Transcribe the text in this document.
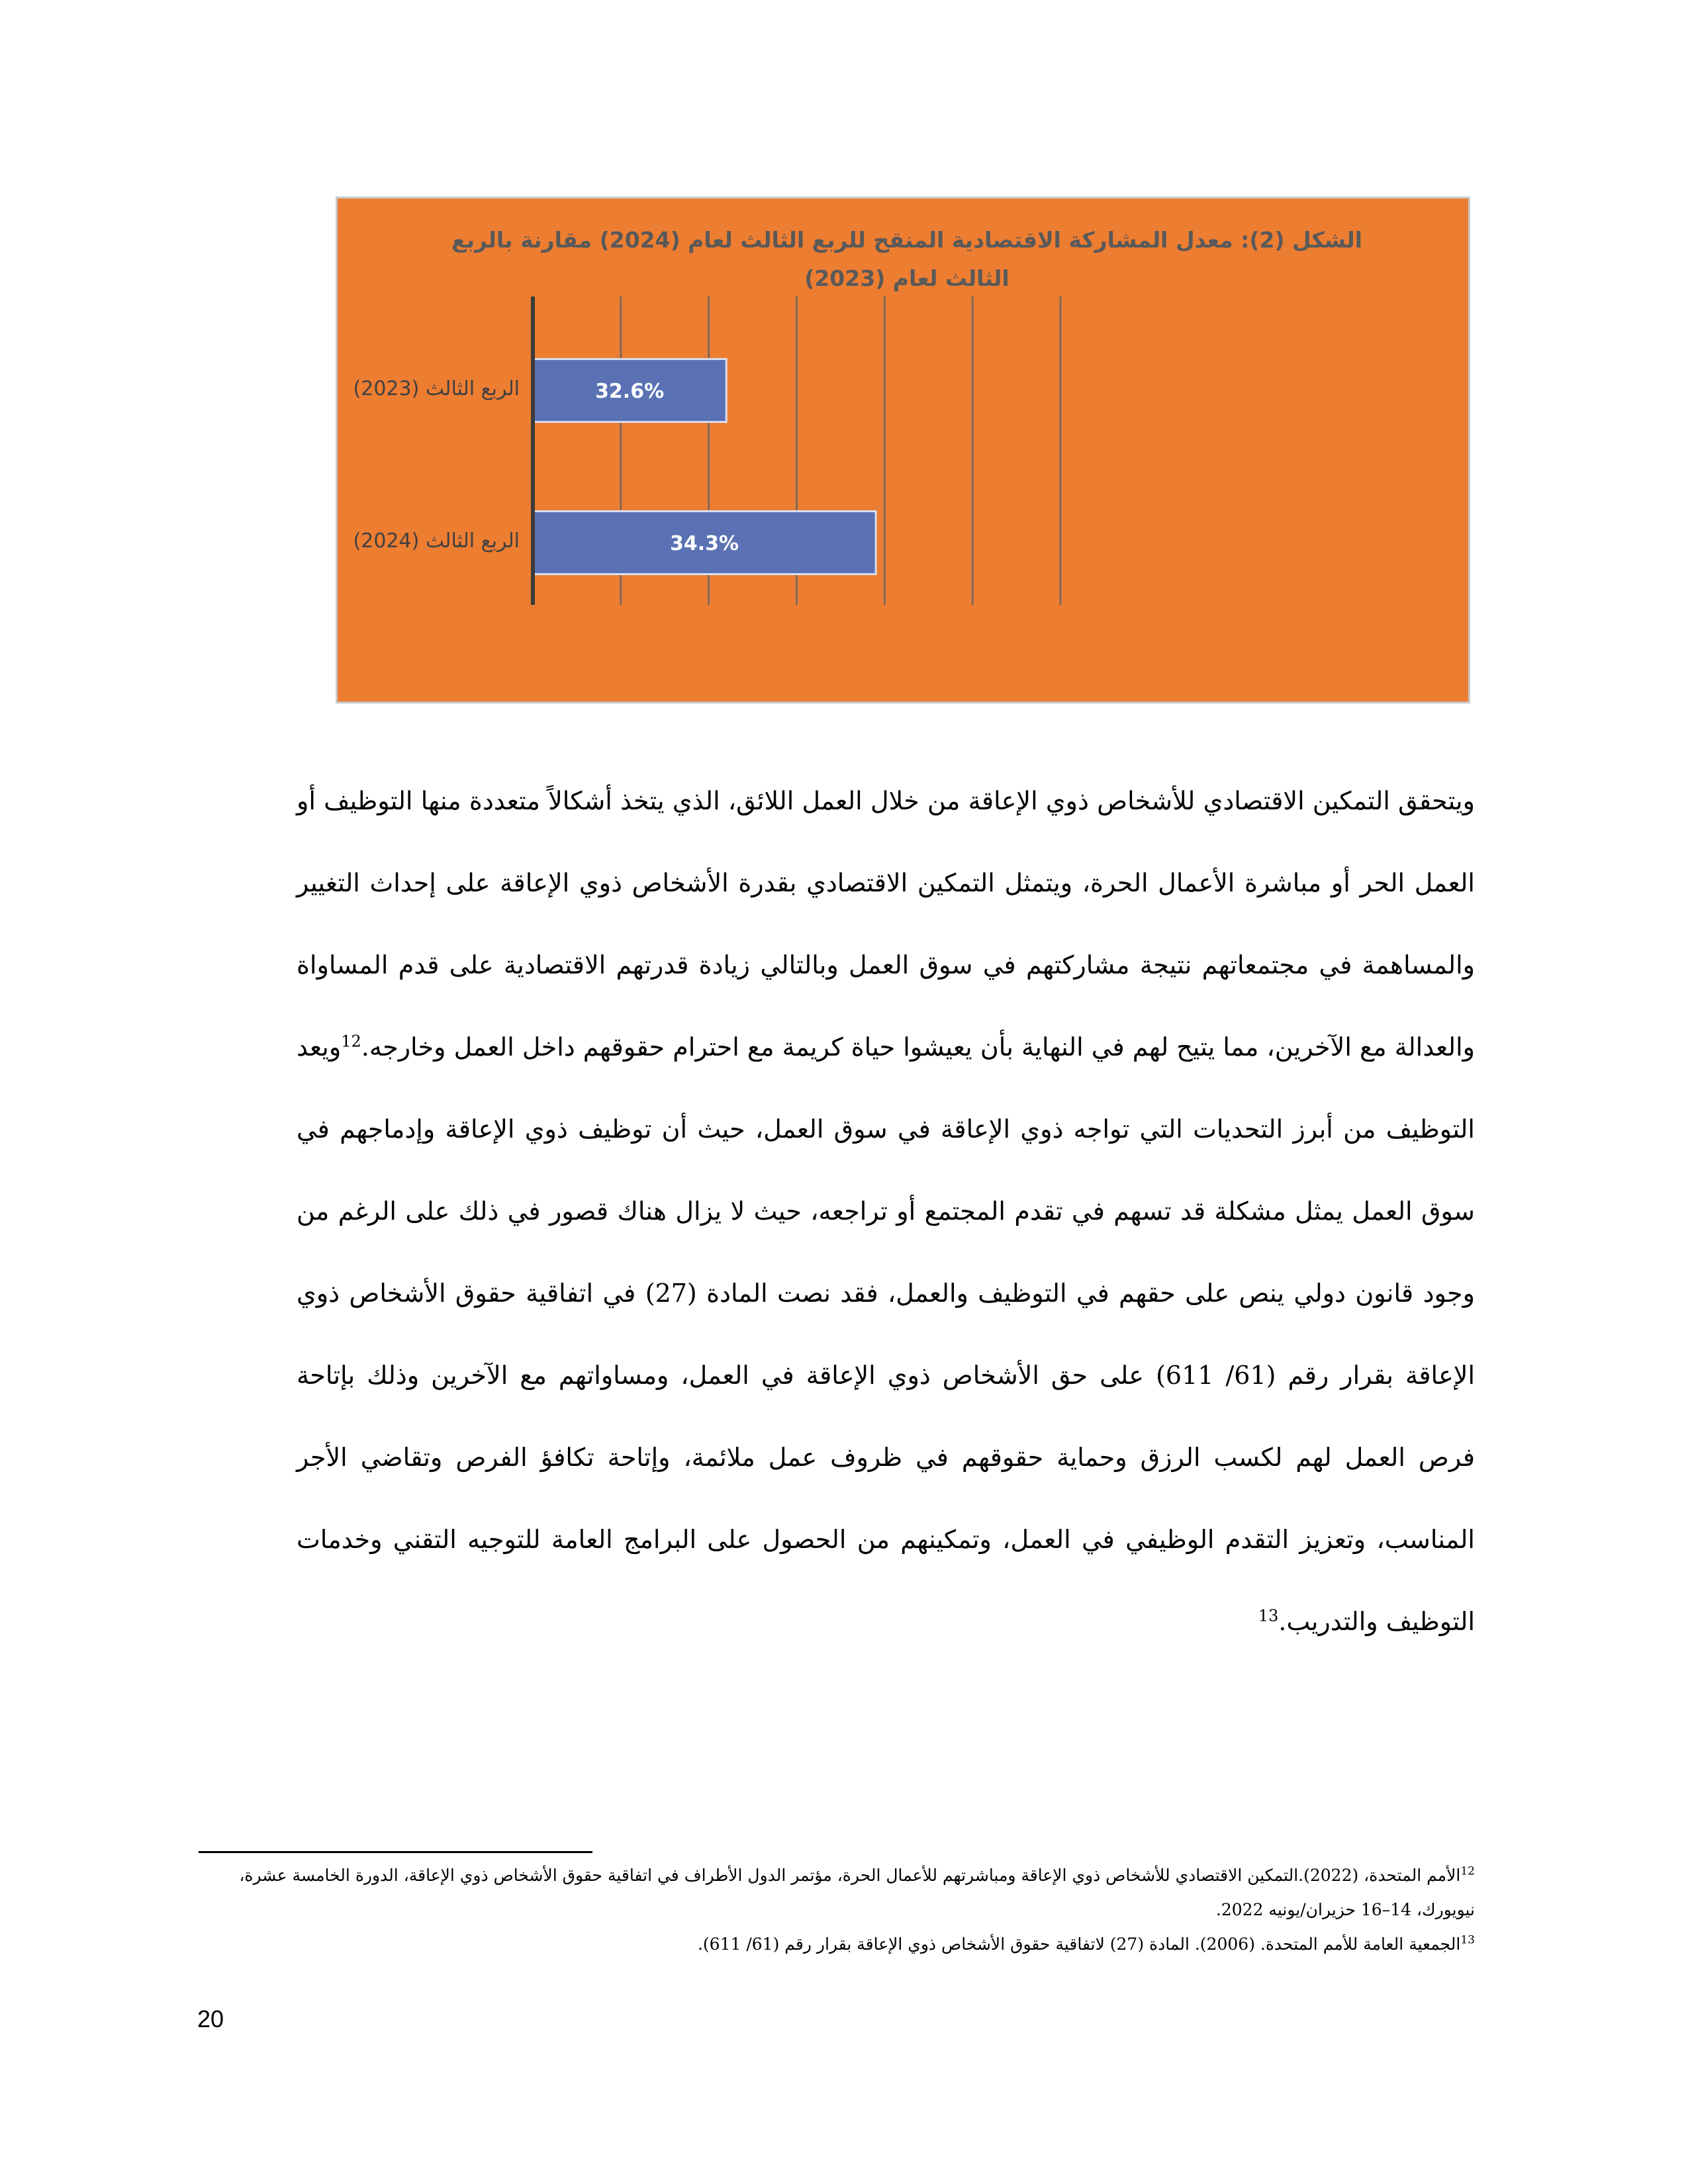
الشكل (2): معدل المشاركة الاقتصادية المنقح للربع الثالث لعام (2024) مقارنة بالربع الثالث لعام (2023)
32.6%
34.3%
الربع الثالث (2023)
الربع الثالث (2024)
ويتحقق التمكين الاقتصادي للأشخاص ذوي الإعاقة من خلال العمل اللائق، الذي يتخذ أشكالاً متعددة منها التوظيف أو العمل الحر أو مباشرة الأعمال الحرة، ويتمثل التمكين الاقتصادي بقدرة الأشخاص ذوي الإعاقة على إحداث التغيير والمساهمة في مجتمعاتهم نتيجة مشاركتهم في سوق العمل وبالتالي زيادة قدرتهم الاقتصادية على قدم المساواة والعدالة مع الآخرين، مما يتيح لهم في النهاية بأن يعيشوا حياة كريمة مع احترام حقوقهم داخل العمل وخارجه.$^{12}$ويعد التوظيف من أبرز التحديات التي تواجه ذوي الإعاقة في سوق العمل، حيث أن توظيف ذوي الإعاقة وإدماجهم في سوق العمل يمثل مشكلة قد تسهم في تقدم المجتمع أو تراجعه، حيث لا يزال هناك قصور في ذلك على الرغم من وجود قانون دولي ينص على حقهم في التوظيف والعمل، فقد نصت المادة (27) في اتفاقية حقوق الأشخاص ذوي الإعاقة بقرار رقم (61/ 611) على حق الأشخاص ذوي الإعاقة في العمل، ومساواتهم مع الآخرين وذلك بإتاحة فرص العمل لهم لكسب الرزق وحماية حقوقهم في ظروف عمل ملائمة، وإتاحة تكافؤ الفرص وتقاضي الأجر المناسب، وتعزيز التقدم الوظيفي في العمل، وتمكينهم من الحصول على البرامج العامة للتوجيه التقني وخدمات التوظيف والتدريب.$^{13}$
$^{12}$الأمم المتحدة، (2022).التمكين الاقتصادي للأشخاص ذوي الإعاقة ومباشرتهم للأعمال الحرة، مؤتمر الدول الأطراف في اتفاقية حقوق الأشخاص ذوي الإعاقة، الدورة الخامسة عشرة، نيويورك، 14–16 حزيران/يونيه 2022.
$^{13}$الجمعية العامة للأمم المتحدة. (2006). المادة (27) لاتفاقية حقوق الأشخاص ذوي الإعاقة بقرار رقم (61/ 611).
20
